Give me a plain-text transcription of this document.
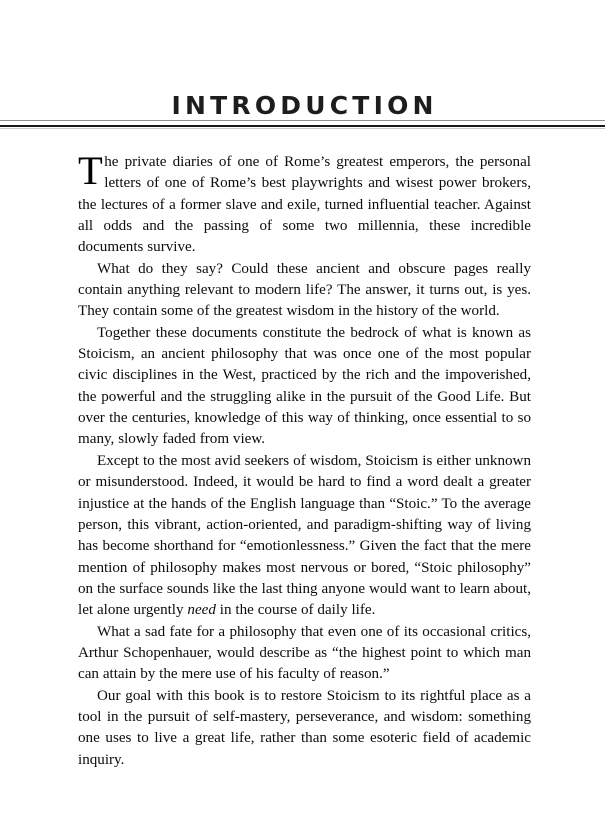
INTRODUCTION

The private diaries of one of Rome’s greatest emperors, the personal letters of one of Rome’s best playwrights and wisest power brokers, the lectures of a former slave and exile, turned influential teacher. Against all odds and the passing of some two millennia, these incredible documents survive.

What do they say? Could these ancient and obscure pages really contain anything relevant to modern life? The answer, it turns out, is yes. They contain some of the greatest wisdom in the history of the world.

Together these documents constitute the bedrock of what is known as Stoicism, an ancient philosophy that was once one of the most popular civic disciplines in the West, practiced by the rich and the impoverished, the powerful and the struggling alike in the pursuit of the Good Life. But over the centuries, knowledge of this way of thinking, once essential to so many, slowly faded from view.

Except to the most avid seekers of wisdom, Stoicism is either unknown or misunderstood. Indeed, it would be hard to find a word dealt a greater injustice at the hands of the English language than “Stoic.” To the average person, this vibrant, action-oriented, and paradigm-shifting way of living has become shorthand for “emotionlessness.” Given the fact that the mere mention of philosophy makes most nervous or bored, “Stoic philosophy” on the surface sounds like the last thing anyone would want to learn about, let alone urgently need in the course of daily life.

What a sad fate for a philosophy that even one of its occasional critics, Arthur Schopenhauer, would describe as “the highest point to which man can attain by the mere use of his faculty of reason.”

Our goal with this book is to restore Stoicism to its rightful place as a tool in the pursuit of self-mastery, perseverance, and wisdom: something one uses to live a great life, rather than some esoteric field of academic inquiry.
